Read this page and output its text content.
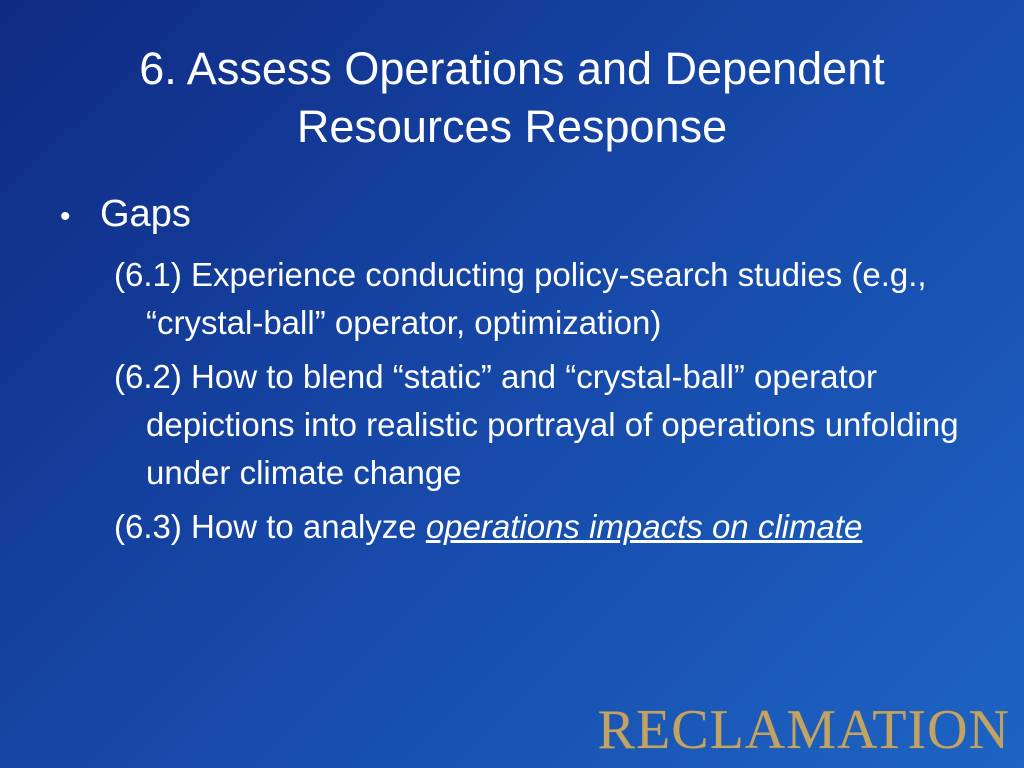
6. Assess Operations and Dependent
Resources Response
• Gaps
(6.1) Experience conducting policy-search studies (e.g., “crystal-ball” operator, optimization)
(6.2) How to blend “static” and “crystal-ball” operator depictions into realistic portrayal of operations unfolding under climate change
(6.3) How to analyze operations impacts on climate
RECLAMATION
